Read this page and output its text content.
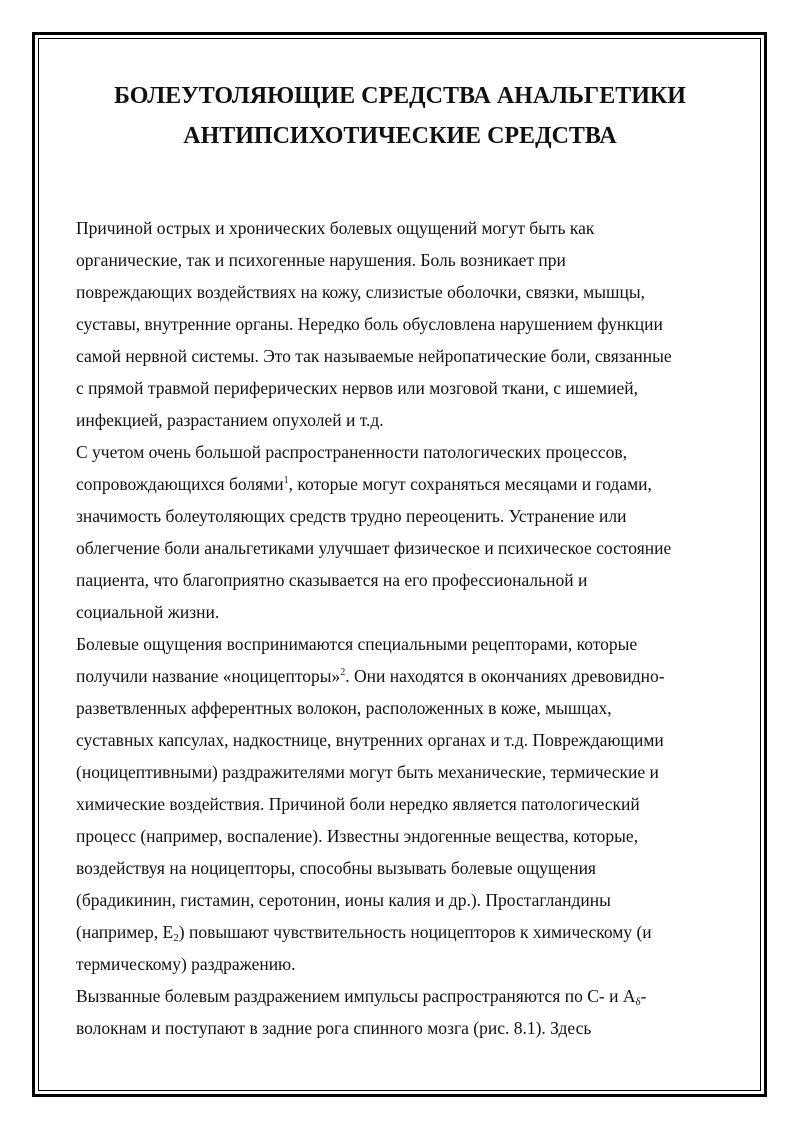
БОЛЕУТОЛЯЮЩИЕ СРЕДСТВА АНАЛЬГЕТИКИ
АНТИПСИХОТИЧЕСКИЕ СРЕДСТВА
Причиной острых и хронических болевых ощущений могут быть как
органические, так и психогенные нарушения. Боль возникает при
повреждающих воздействиях на кожу, слизистые оболочки, связки, мышцы,
суставы, внутренние органы. Нередко боль обусловлена нарушением функции
самой нервной системы. Это так называемые нейропатические боли, связанные
с прямой травмой периферических нервов или мозговой ткани, с ишемией,
инфекцией, разрастанием опухолей и т.д.
С учетом очень большой распространенности патологических процессов,
сопровождающихся болями$^1$, которые могут сохраняться месяцами и годами,
значимость болеутоляющих средств трудно переоценить. Устранение или
облегчение боли анальгетиками улучшает физическое и психическое состояние
пациента, что благоприятно сказывается на его профессиональной и
социальной жизни.
Болевые ощущения воспринимаются специальными рецепторами, которые
получили название «ноцицепторы»$^2$. Они находятся в окончаниях древовидно-
разветвленных афферентных волокон, расположенных в коже, мышцах,
суставных капсулах, надкостнице, внутренних органах и т.д. Повреждающими
(ноцицептивными) раздражителями могут быть механические, термические и
химические воздействия. Причиной боли нередко является патологический
процесс (например, воспаление). Известны эндогенные вещества, которые,
воздействуя на ноцицепторы, способны вызывать болевые ощущения
(брадикинин, гистамин, серотонин, ионы калия и др.). Простагландины
(например, $E_2$) повышают чувствительность ноцицепторов к химическому (и
термическому) раздражению.
Вызванные болевым раздражением импульсы распространяются по С- и $A_\delta-$
волокнам и поступают в задние рога спинного мозга (рис. 8.1). Здесь
